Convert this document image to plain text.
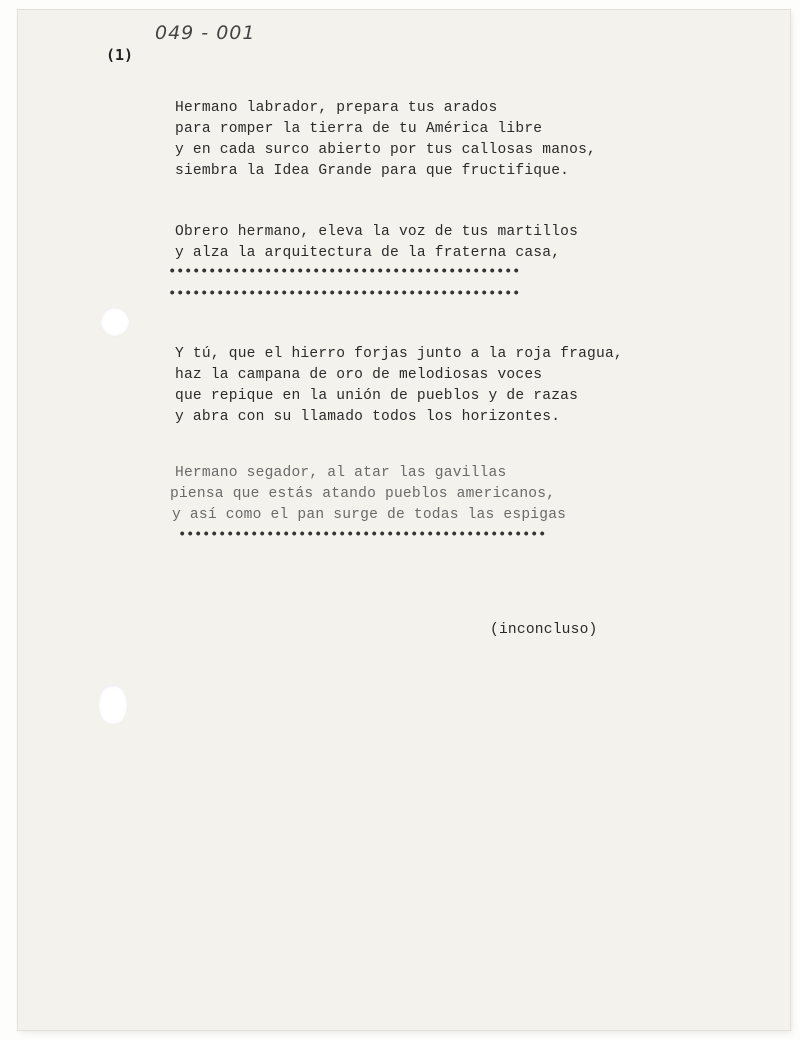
049 - 001
(1)
Hermano labrador, prepara tus arados
para romper la tierra de tu América libre
y en cada surco abierto por tus callosas manos,
siembra la Idea Grande para que fructifique.
Obrero hermano, eleva la voz de tus martillos
y alza la arquitectura de la fraterna casa,
••••••••••••••••••••••••••••••••••••••••••••
••••••••••••••••••••••••••••••••••••••••••••
Y tú, que el hierro forjas junto a la roja fragua,
haz la campana de oro de melodiosas voces
que repique en la unión de pueblos y de razas
y abra con su llamado todos los horizontes.
Hermano segador, al atar las gavillas
piensa que estás atando pueblos americanos,
y así como el pan surge de todas las espigas
••••••••••••••••••••••••••••••••••••••••••••••
(inconcluso)
